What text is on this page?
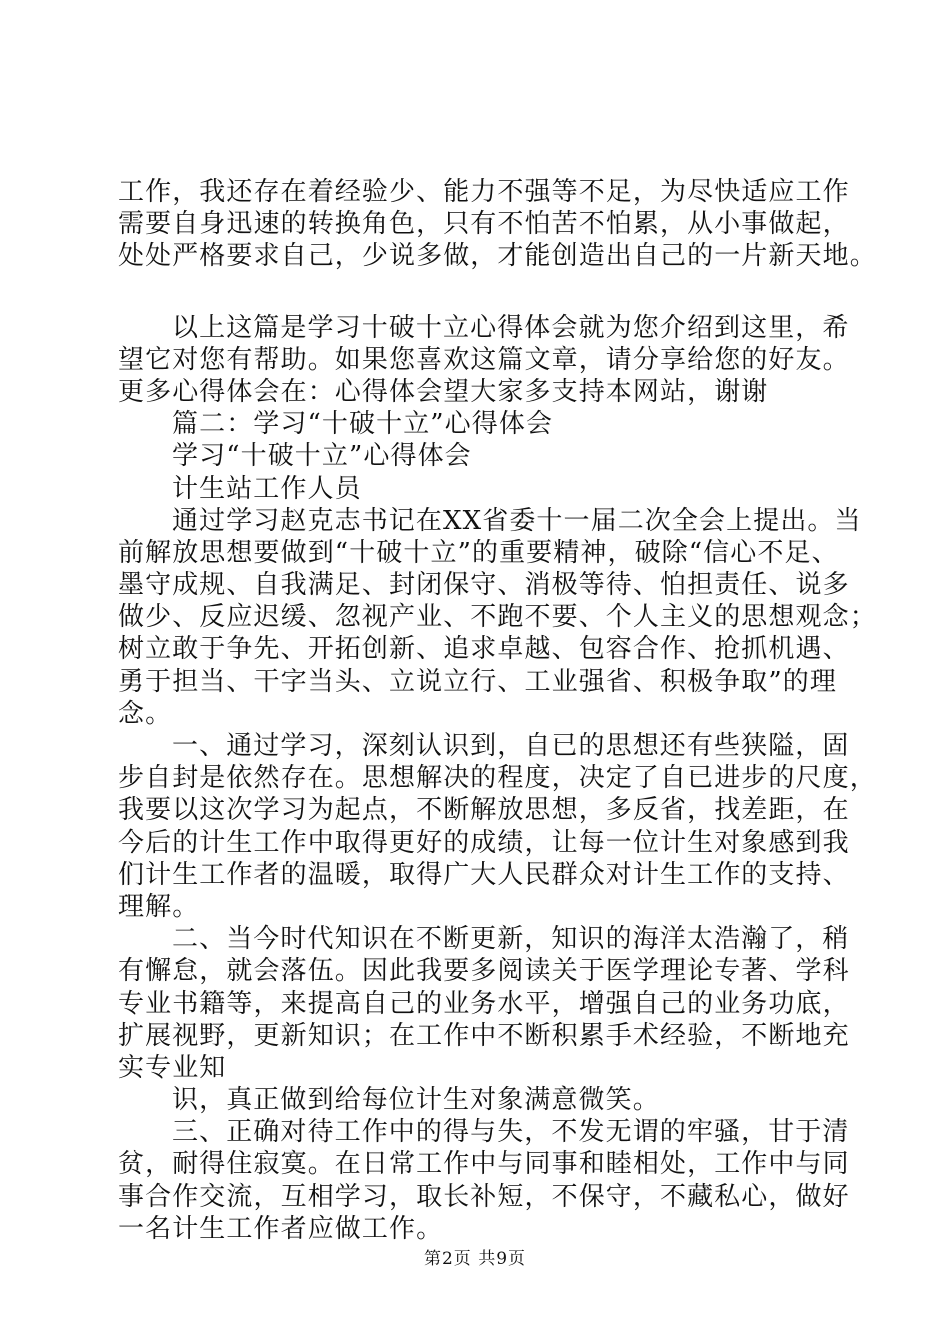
工作，我还存在着经验少、能力不强等不足，为尽快适应工作
需要自身迅速的转换角色，只有不怕苦不怕累，从小事做起，
处处严格要求自己，少说多做，才能创造出自己的一片新天地。
以上这篇是学习十破十立心得体会就为您介绍到这里，希
望它对您有帮助。如果您喜欢这篇文章，请分享给您的好友。
更多心得体会在：心得体会望大家多支持本网站，谢谢
篇二：学习“十破十立”心得体会
学习“十破十立”心得体会
计生站工作人员
通过学习赵克志书记在XX省委十一届二次全会上提出。当
前解放思想要做到“十破十立”的重要精神，破除“信心不足、
墨守成规、自我满足、封闭保守、消极等待、怕担责任、说多
做少、反应迟缓、忽视产业、不跑不要、个人主义的思想观念；
树立敢于争先、开拓创新、追求卓越、包容合作、抢抓机遇、
勇于担当、干字当头、立说立行、工业强省、积极争取”的理
念。
一、通过学习，深刻认识到，自已的思想还有些狭隘，固
步自封是依然存在。思想解决的程度，决定了自已进步的尺度，
我要以这次学习为起点，不断解放思想，多反省，找差距，在
今后的计生工作中取得更好的成绩，让每一位计生对象感到我
们计生工作者的温暖，取得广大人民群众对计生工作的支持、
理解。
二、当今时代知识在不断更新，知识的海洋太浩瀚了，稍
有懈怠，就会落伍。因此我要多阅读关于医学理论专著、学科
专业书籍等，来提高自己的业务水平，增强自己的业务功底，
扩展视野，更新知识；在工作中不断积累手术经验，不断地充
实专业知
识，真正做到给每位计生对象满意微笑。
三、正确对待工作中的得与失，不发无谓的牢骚，甘于清
贫，耐得住寂寞。在日常工作中与同事和睦相处，工作中与同
事合作交流，互相学习，取长补短，不保守，不藏私心，做好
一名计生工作者应做工作。
第2页 共9页
